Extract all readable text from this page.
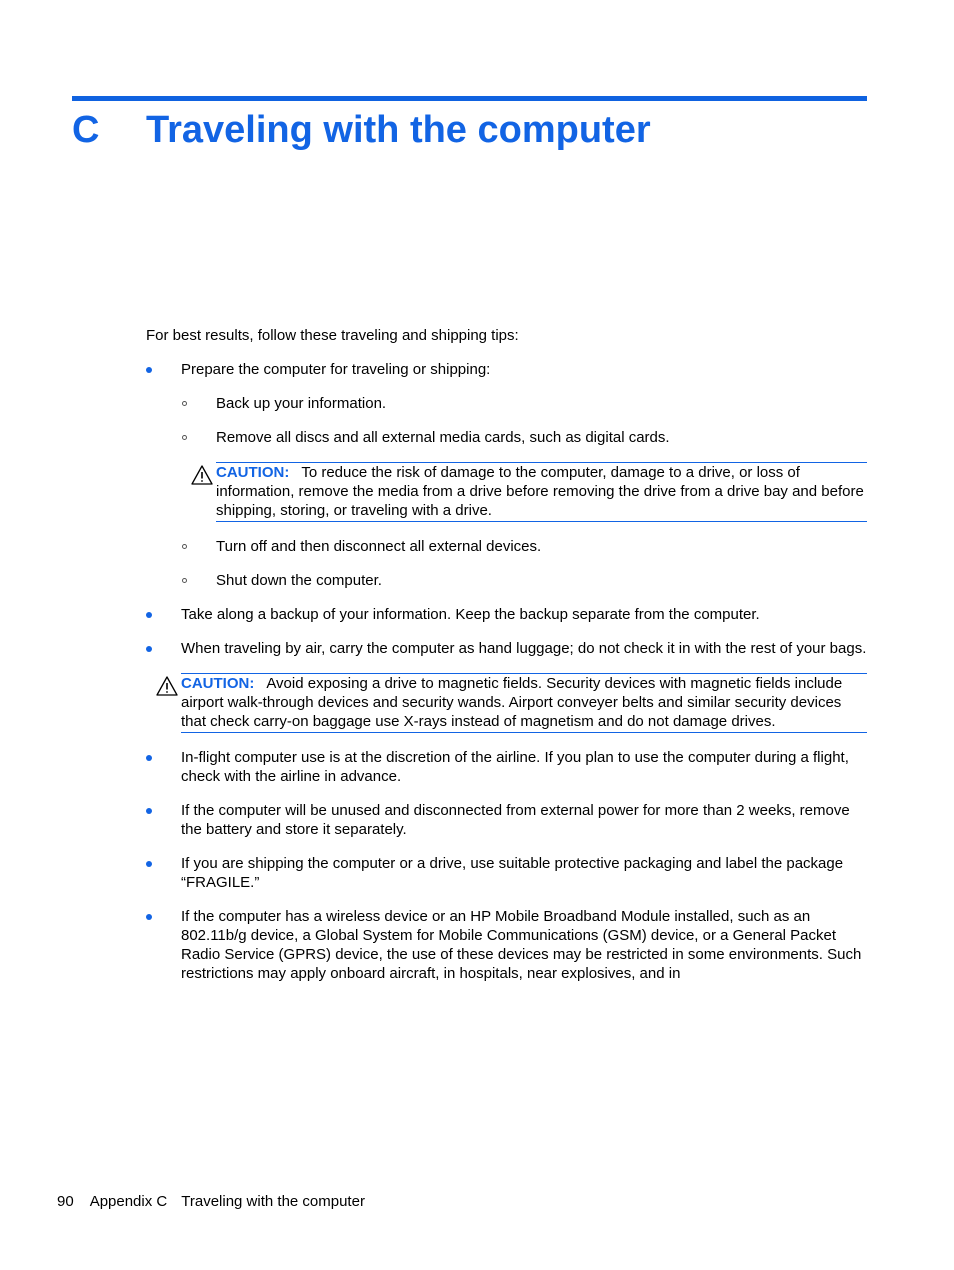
C Traveling with the computer

For best results, follow these traveling and shipping tips:

Prepare the computer for traveling or shipping:
Back up your information.
Remove all discs and all external media cards, such as digital cards.
CAUTION: To reduce the risk of damage to the computer, damage to a drive, or loss of information, remove the media from a drive before removing the drive from a drive bay and before shipping, storing, or traveling with a drive.
Turn off and then disconnect all external devices.
Shut down the computer.
Take along a backup of your information. Keep the backup separate from the computer.
When traveling by air, carry the computer as hand luggage; do not check it in with the rest of your bags.
CAUTION: Avoid exposing a drive to magnetic fields. Security devices with magnetic fields include airport walk-through devices and security wands. Airport conveyer belts and similar security devices that check carry-on baggage use X-rays instead of magnetism and do not damage drives.
In-flight computer use is at the discretion of the airline. If you plan to use the computer during a flight, check with the airline in advance.
If the computer will be unused and disconnected from external power for more than 2 weeks, remove the battery and store it separately.
If you are shipping the computer or a drive, use suitable protective packaging and label the package “FRAGILE.”
If the computer has a wireless device or an HP Mobile Broadband Module installed, such as an 802.11b/g device, a Global System for Mobile Communications (GSM) device, or a General Packet Radio Service (GPRS) device, the use of these devices may be restricted in some environments. Such restrictions may apply onboard aircraft, in hospitals, near explosives, and in
90 Appendix C Traveling with the computer
